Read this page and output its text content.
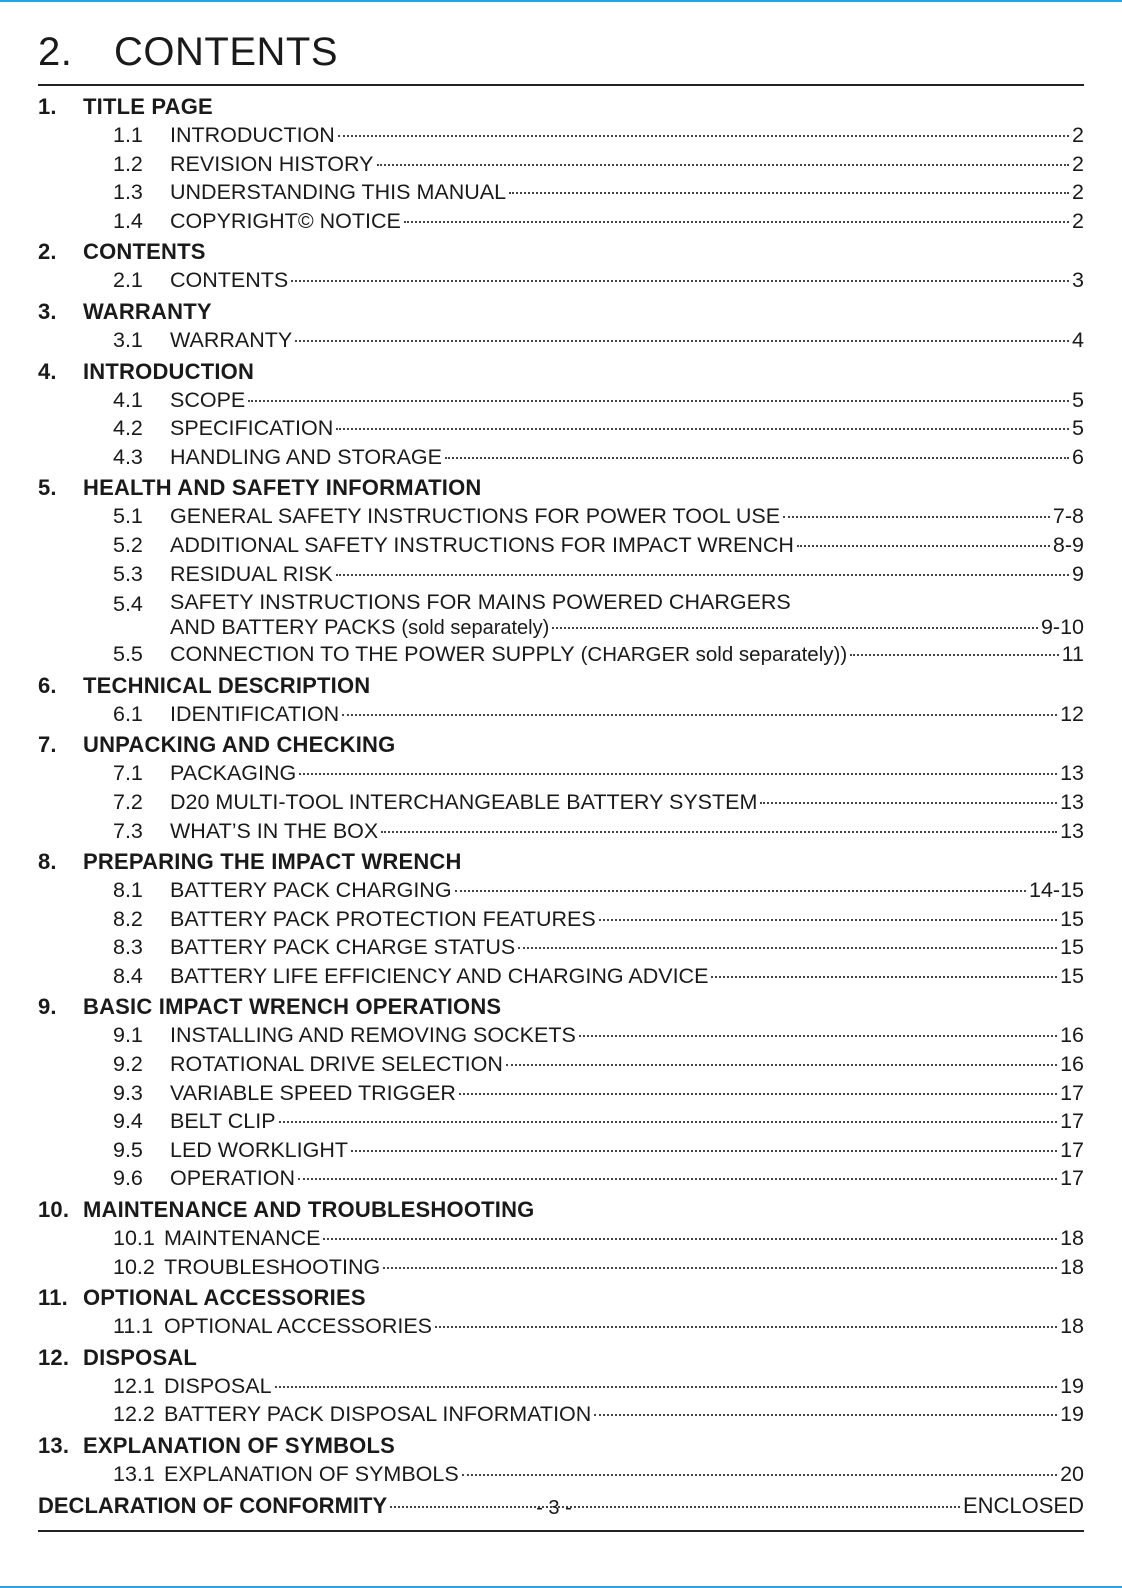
2. CONTENTS
1.	TITLE PAGE
1.1	INTRODUCTION	2
1.2	REVISION HISTORY	2
1.3	UNDERSTANDING THIS MANUAL	2
1.4	COPYRIGHT© NOTICE	2
2.	CONTENTS
2.1	CONTENTS	3
3.	WARRANTY
3.1	WARRANTY	4
4.	INTRODUCTION
4.1	SCOPE	5
4.2	SPECIFICATION	5
4.3	HANDLING AND STORAGE	6
5.	HEALTH AND SAFETY INFORMATION
5.1	GENERAL SAFETY INSTRUCTIONS FOR POWER TOOL USE	7-8
5.2	ADDITIONAL SAFETY INSTRUCTIONS FOR IMPACT WRENCH	8-9
5.3	RESIDUAL RISK	9
5.4	SAFETY INSTRUCTIONS FOR MAINS POWERED CHARGERS
AND BATTERY PACKS (sold separately)	9-10
5.5	CONNECTION TO THE POWER SUPPLY (CHARGER sold separately))	11
6.	TECHNICAL DESCRIPTION
6.1	IDENTIFICATION	12
7.	UNPACKING AND CHECKING
7.1	PACKAGING	13
7.2	D20 MULTI-TOOL INTERCHANGEABLE BATTERY SYSTEM	13
7.3	WHAT’S IN THE BOX	13
8.	PREPARING THE IMPACT WRENCH
8.1	BATTERY PACK CHARGING	14-15
8.2	BATTERY PACK PROTECTION FEATURES	15
8.3	BATTERY PACK CHARGE STATUS	15
8.4	BATTERY LIFE EFFICIENCY AND CHARGING ADVICE	15
9.	BASIC IMPACT WRENCH OPERATIONS
9.1	INSTALLING AND REMOVING SOCKETS	16
9.2	ROTATIONAL DRIVE SELECTION	16
9.3	VARIABLE SPEED TRIGGER	17
9.4	BELT CLIP	17
9.5	LED WORKLIGHT	17
9.6	OPERATION	17
10. MAINTENANCE AND TROUBLESHOOTING
10.1 MAINTENANCE	18
10.2 TROUBLESHOOTING	18
11. OPTIONAL ACCESSORIES
11.1 OPTIONAL ACCESSORIES	18
12. DISPOSAL
12.1 DISPOSAL	19
12.2 BATTERY PACK DISPOSAL INFORMATION	19
13. EXPLANATION OF SYMBOLS
13.1 EXPLANATION OF SYMBOLS	20
DECLARATION OF CONFORMITY	ENCLOSED
- 3 -
